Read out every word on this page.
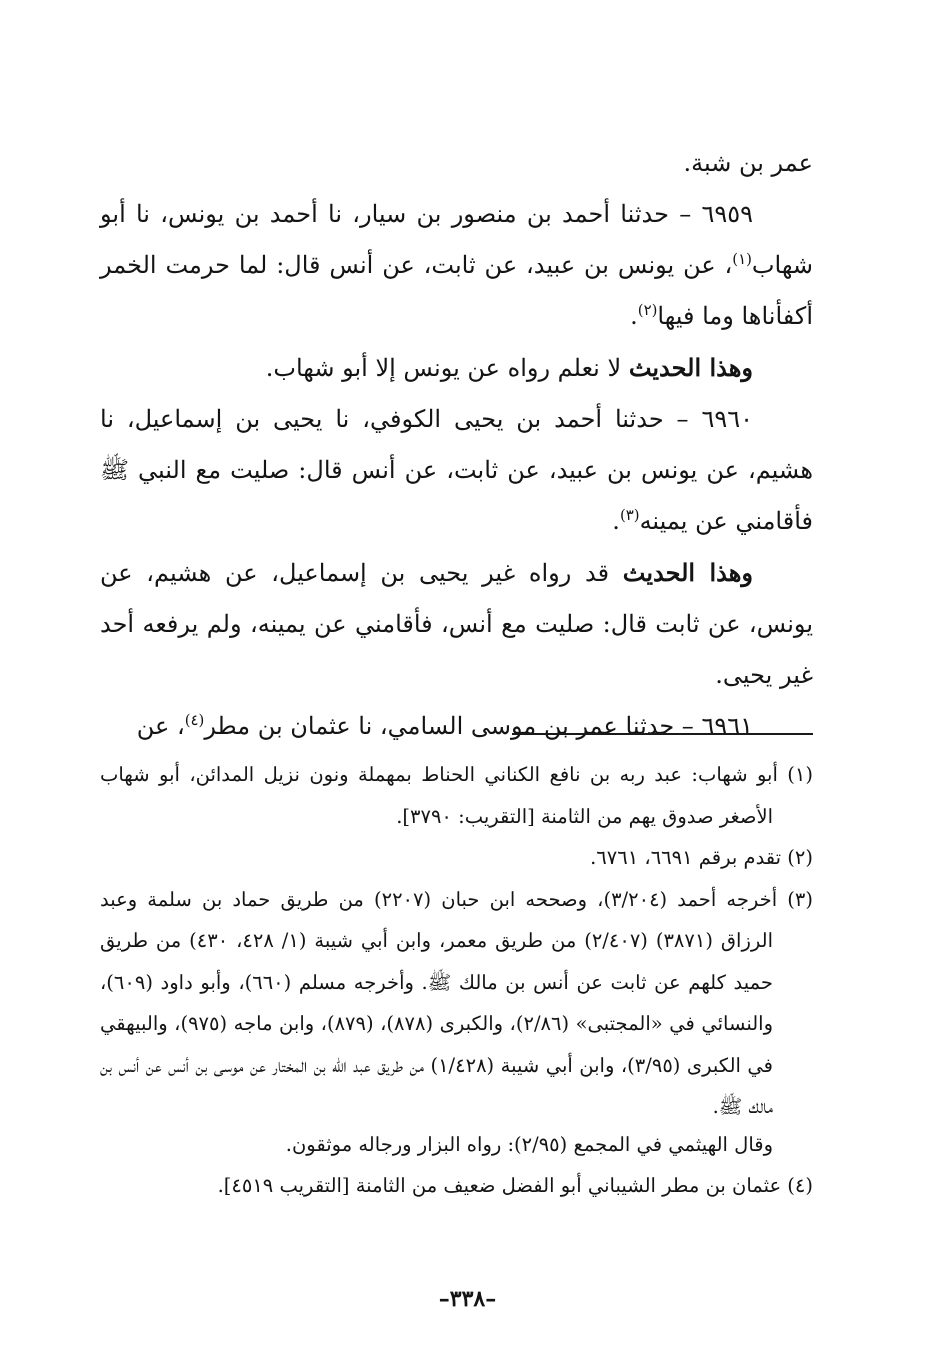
عمر بن شبة.

٦٩٥٩ – حدثنا أحمد بن منصور بن سيار، نا أحمد بن يونس، نا أبو شهاب$^{(١)}$، عن يونس بن عبيد، عن ثابت، عن أنس قال: لما حرمت الخمر أكفأناها وما فيها$^{(٢)}$.

وهذا الحديث لا نعلم رواه عن يونس إلا أبو شهاب.

٦٩٦٠ – حدثنا أحمد بن يحيى الكوفي، نا يحيى بن إسماعيل، نا هشيم، عن يونس بن عبيد، عن ثابت، عن أنس قال: صليت مع النبي ﷺ فأقامني عن يمينه$^{(٣)}$.

وهذا الحديث قد رواه غير يحيى بن إسماعيل، عن هشيم، عن يونس، عن ثابت قال: صليت مع أنس، فأقامني عن يمينه، ولم يرفعه أحد غير يحيى.

٦٩٦١ – حدثنا عمر بن موسى السامي، نا عثمان بن مطر$^{(٤)}$، عن

(١) أبو شهاب: عبد ربه بن نافع الكناني الحناط بمهملة ونون نزيل المدائن، أبو شهاب الأصغر صدوق يهم من الثامنة [التقريب: ٣٧٩٠].

(٢) تقدم برقم ٦٦٩١، ٦٧٦١.

(٣) أخرجه أحمد (٣/٢٠٤)، وصححه ابن حبان (٢٢٠٧) من طريق حماد بن سلمة وعبد الرزاق (٣٨٧١) (٢/٤٠٧) من طريق معمر، وابن أبي شيبة (١/ ٤٢٨، ٤٣٠) من طريق حميد كلهم عن ثابت عن أنس بن مالك ﷺ. وأخرجه مسلم (٦٦٠)، وأبو داود (٦٠٩)، والنسائي في «المجتبى» (٢/٨٦)، والكبرى (٨٧٨)، (٨٧٩)، وابن ماجه (٩٧٥)، والبيهقي في الكبرى (٣/٩٥)، وابن أبي شيبة (١/٤٢٨) من طريق عبد الله بن المختار عن موسى بن أنس عن أنس بن مالك ﷺ.

وقال الهيثمي في المجمع (٢/٩٥): رواه البزار ورجاله موثقون.

(٤) عثمان بن مطر الشيباني أبو الفضل ضعيف من الثامنة [التقريب ٤٥١٩].

–٣٣٨–
